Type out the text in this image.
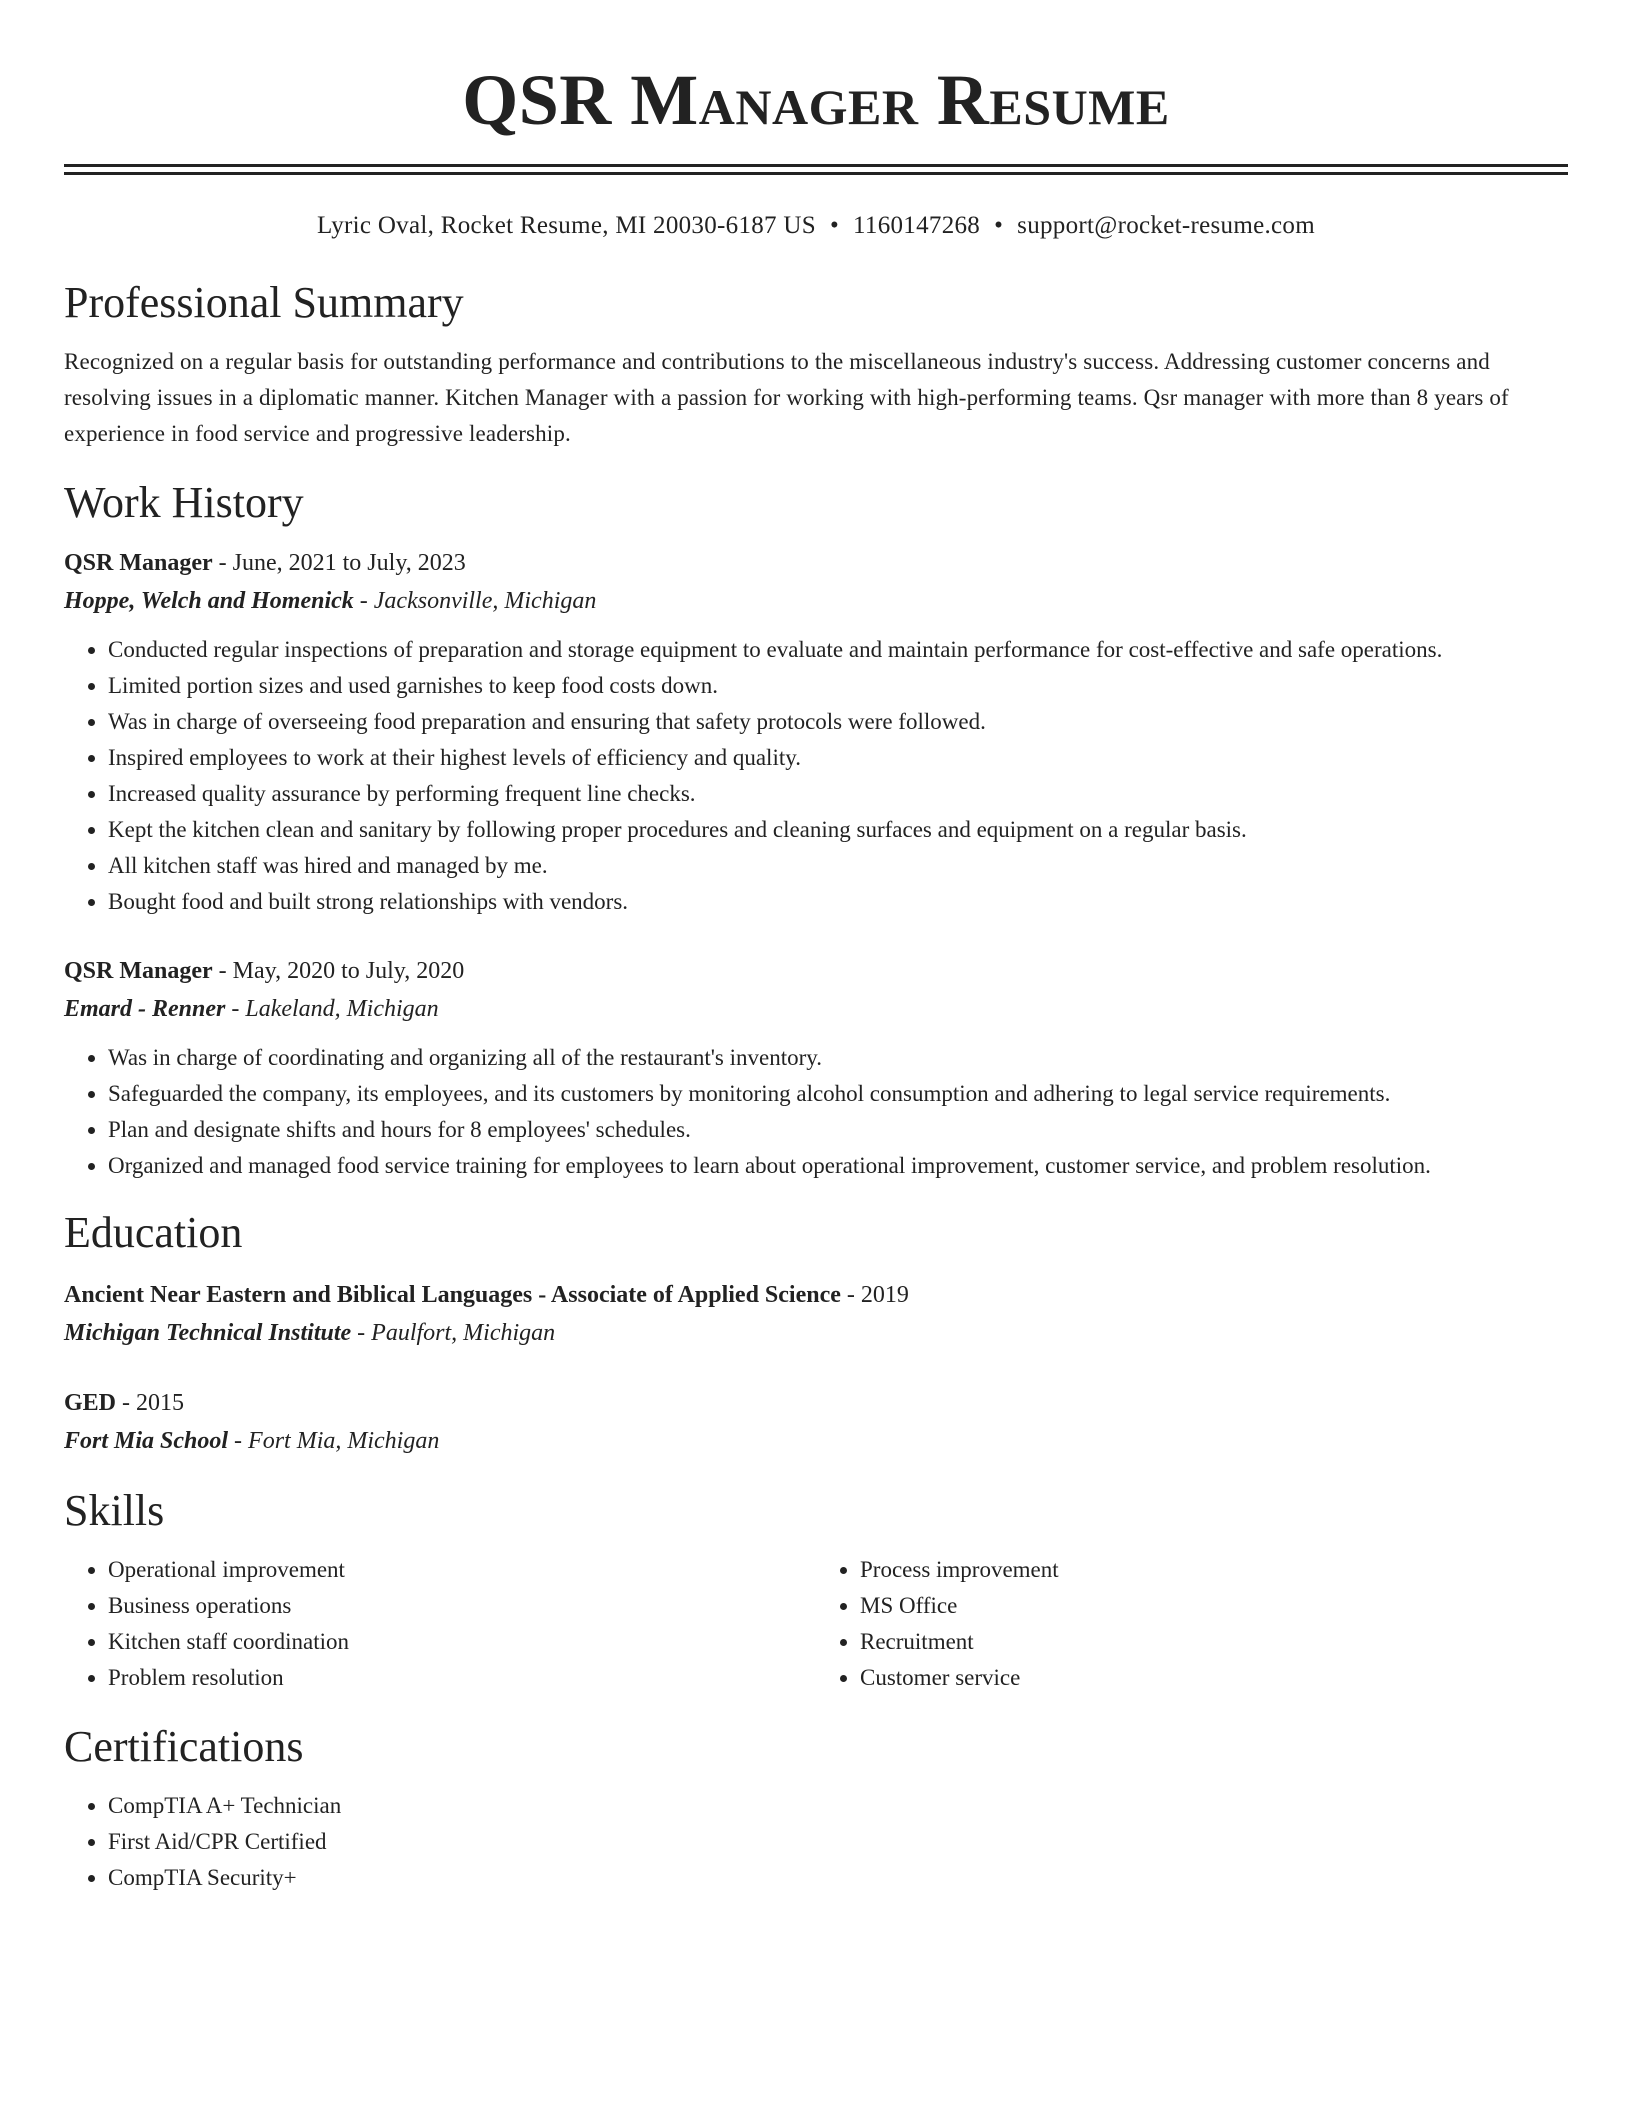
QSR Manager Resume
Lyric Oval, Rocket Resume, MI 20030-6187 US • 1160147268 • support@rocket-resume.com
Professional Summary
Recognized on a regular basis for outstanding performance and contributions to the miscellaneous industry's success. Addressing customer concerns and resolving issues in a diplomatic manner. Kitchen Manager with a passion for working with high-performing teams. Qsr manager with more than 8 years of experience in food service and progressive leadership.
Work History
QSR Manager - June, 2021 to July, 2023
Hoppe, Welch and Homenick - Jacksonville, Michigan
• Conducted regular inspections of preparation and storage equipment to evaluate and maintain performance for cost-effective and safe operations.
• Limited portion sizes and used garnishes to keep food costs down.
• Was in charge of overseeing food preparation and ensuring that safety protocols were followed.
• Inspired employees to work at their highest levels of efficiency and quality.
• Increased quality assurance by performing frequent line checks.
• Kept the kitchen clean and sanitary by following proper procedures and cleaning surfaces and equipment on a regular basis.
• All kitchen staff was hired and managed by me.
• Bought food and built strong relationships with vendors.
QSR Manager - May, 2020 to July, 2020
Emard - Renner - Lakeland, Michigan
• Was in charge of coordinating and organizing all of the restaurant's inventory.
• Safeguarded the company, its employees, and its customers by monitoring alcohol consumption and adhering to legal service requirements.
• Plan and designate shifts and hours for 8 employees' schedules.
• Organized and managed food service training for employees to learn about operational improvement, customer service, and problem resolution.
Education
Ancient Near Eastern and Biblical Languages - Associate of Applied Science - 2019
Michigan Technical Institute - Paulfort, Michigan
GED - 2015
Fort Mia School - Fort Mia, Michigan
Skills
• Operational improvement
• Business operations
• Kitchen staff coordination
• Problem resolution
• Process improvement
• MS Office
• Recruitment
• Customer service
Certifications
• CompTIA A+ Technician
• First Aid/CPR Certified
• CompTIA Security+
